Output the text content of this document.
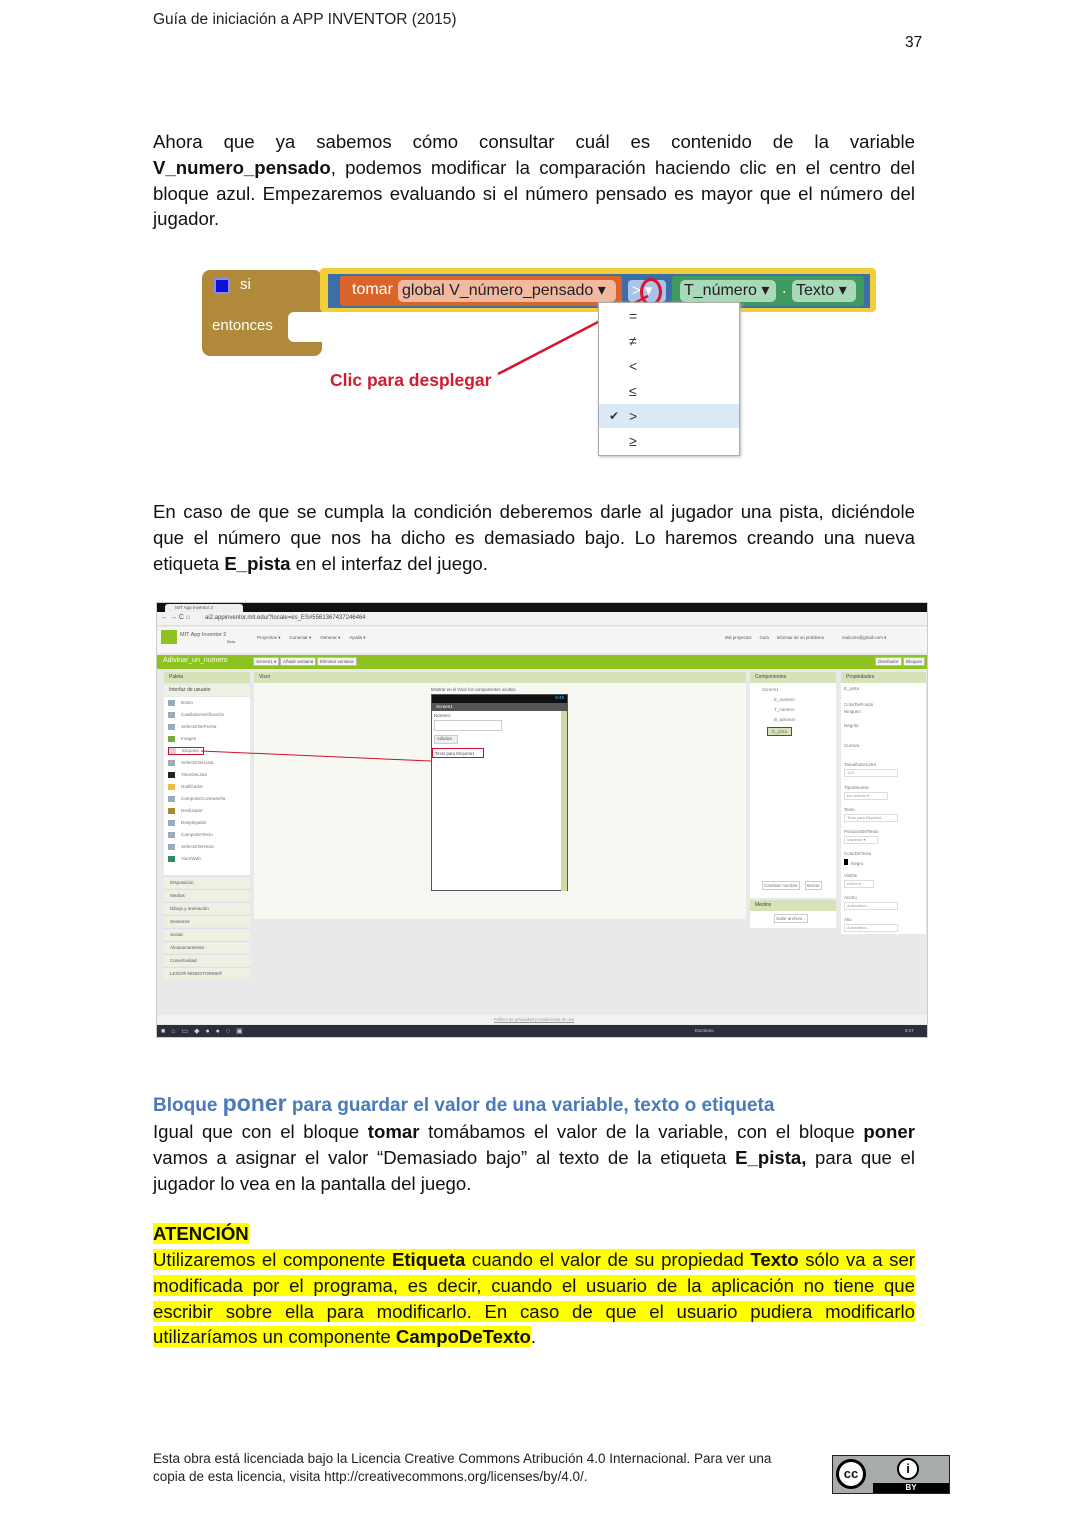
Guía de iniciación a APP INVENTOR (2015)
37

Ahora que ya sabemos cómo consultar cuál es contenido de la variable V_numero_pensado, podemos modificar la comparación haciendo clic en el centro del bloque azul. Empezaremos evaluando si el número pensado es mayor que el número del jugador.

si
entonces
tomar global V_número_pensado ▾	> ▾	T_número ▾ . Texto ▾
=
≠
<
≤
✔ >
≥
Clic para desplegar

En caso de que se cumpla la condición deberemos darle al jugador una pista, diciéndole que el número que nos ha dicho es demasiado bajo. Lo haremos creando una nueva etiqueta E_pista en el interfaz del juego.

MIT App Inventor 2
← → C ⌂ ai2.appinventor.mit.edu/?locale=es_ES#5561367437246464
MIT App Inventor 2
Beta
Proyectos ▾ Conectar ▾ Generar ▾ Ayuda ▾	Mis proyectos Guía Informar de un problema	realcorre@gmail.com ▾
Adivinar_un_numero	Screen1 ▾	Añadir ventana	Eliminar ventana	Diseñador	Bloques
Paleta
Interfaz de usuario
Botón
CasillaDeVerificación
SelectorDeFecha
Imagen
Etiqueta
SelectorDeLista
VisorDeLista
Notificador
CampoDeContraseña
Deslizador
Desplegable
CampoDeTexto
SelectorDeHora
VisorWeb
Disposición
Medios
Dibujo y animación
Sensores
Social
Almacenamiento
Conectividad
LEGO® MINDSTORMS®
Visor
Mostrar en el Visor los componentes ocultos
9:48
Screen1
Número:
Adivina
Texto para Etiqueta1
Componentes
Screen1
E_numero
T_número
B_adivinar
E_pista
Cambiar nombre	Borrar
Medios
Subir archivo...
Propiedades
E_pista
ColorDeFondo
Ninguno
Negrita
Cursiva
TamañoDeLetra
14.0
TipoDeLetra
por defecto ▾
Texto
Texto para Etiqueta1
PosiciónDelTexto
izquierda ▾
ColorDeTexto
Negro
Visible
visible ▾
Ancho
Automático...
Alto
Automático...
Política de privacidad y condiciones de uso
■⌂▭◆●●○▣	Escritorio	8:17
Bloque poner para guardar el valor de una variable, texto o etiqueta

Igual que con el bloque tomar tomábamos el valor de la variable, con el bloque poner vamos a asignar el valor “Demasiado bajo” al texto de la etiqueta E_pista, para que el jugador lo vea en la pantalla del juego.

ATENCIÓN

Utilizaremos el componente Etiqueta cuando el valor de su propiedad Texto sólo va a ser modificada por el programa, es decir, cuando el usuario de la aplicación no tiene que escribir sobre ella para modificarlo. En caso de que el usuario pudiera modificarlo utilizaríamos un componente CampoDeTexto.

Esta obra está licenciada bajo la Licencia Creative Commons Atribución 4.0 Internacional. Para ver una
copia de esta licencia, visita http://creativecommons.org/licenses/by/4.0/.	cc	i
BY
